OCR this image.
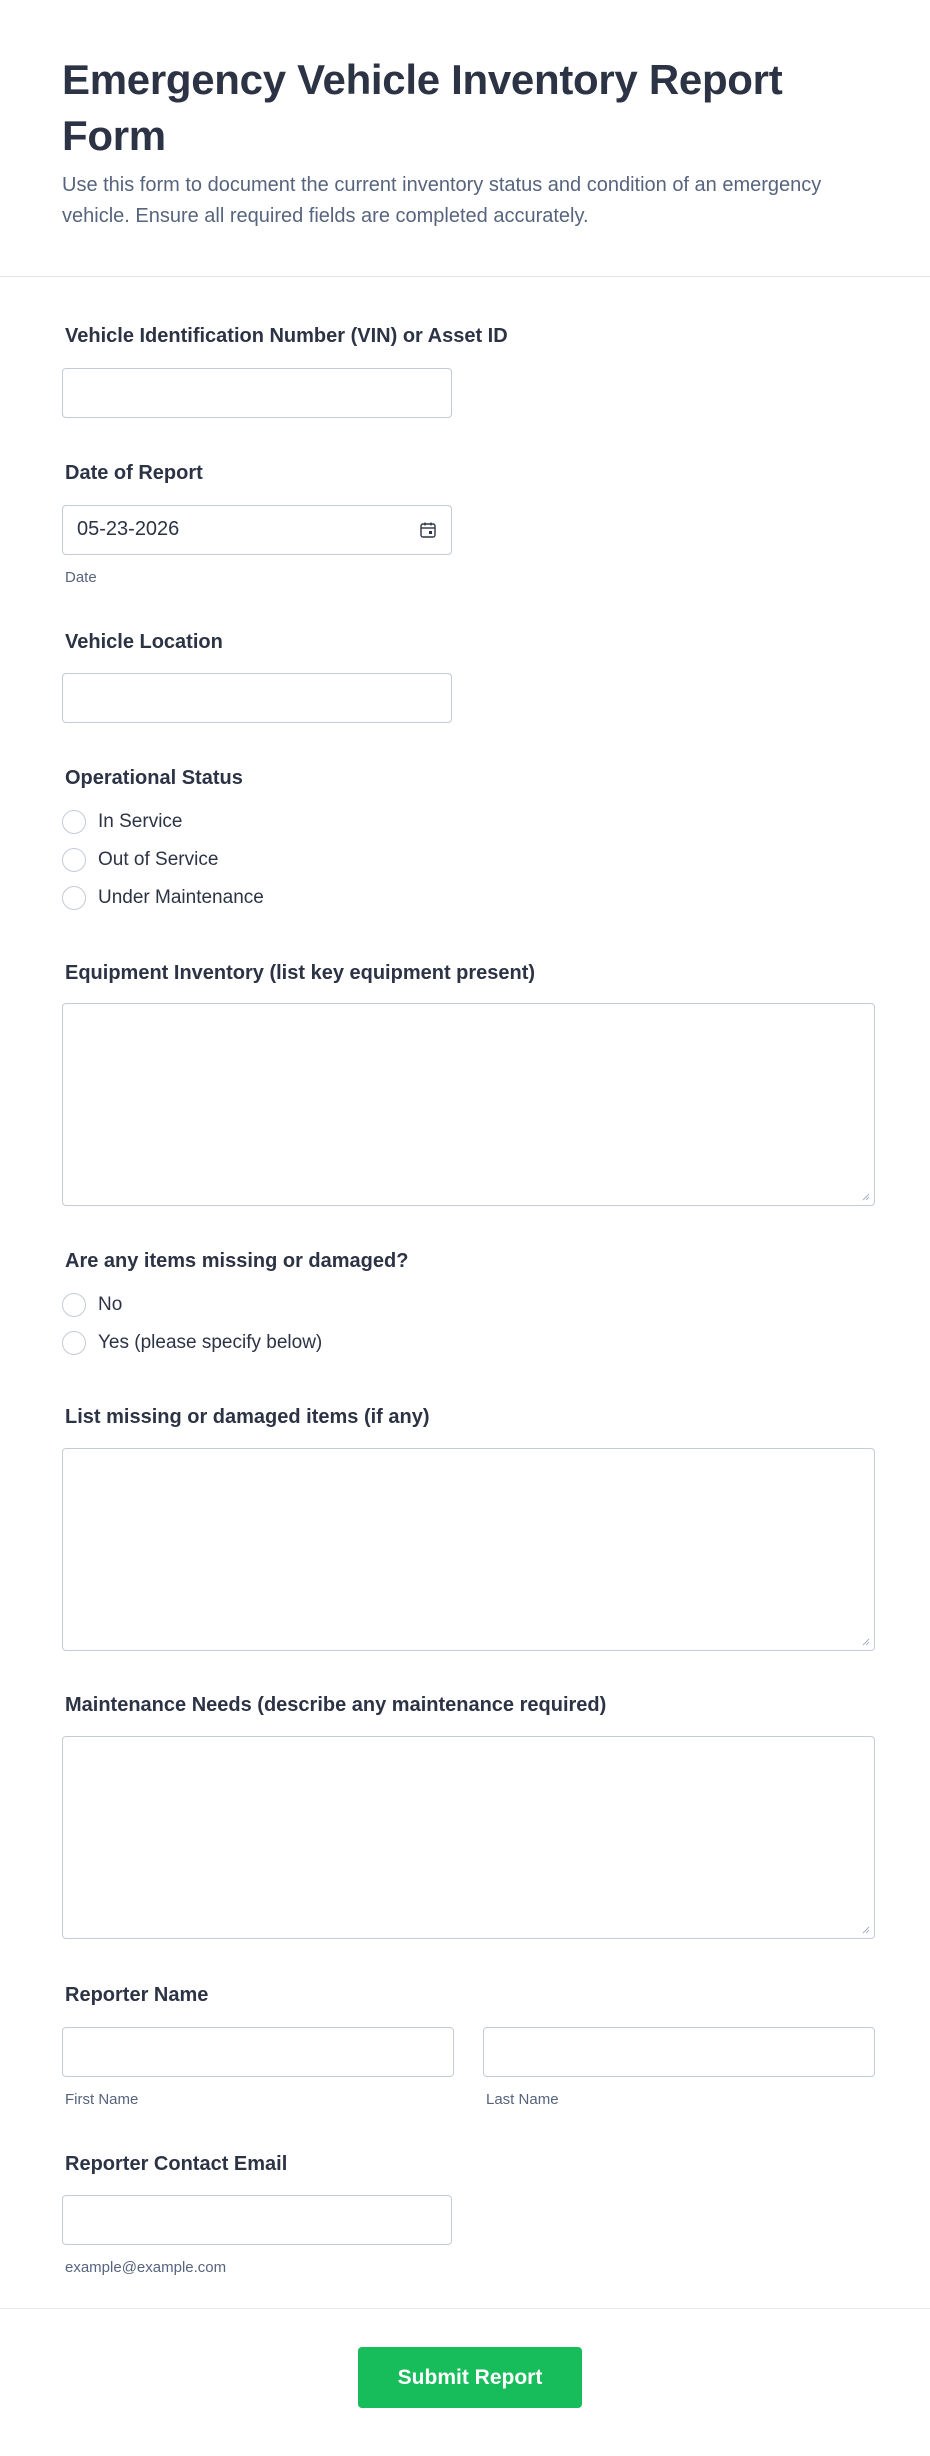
Emergency Vehicle Inventory Report Form

Use this form to document the current inventory status and condition of an emergency vehicle. Ensure all required fields are completed accurately.

Vehicle Identification Number (VIN) or Asset ID
Date of Report
05-23-2026
Date
Vehicle Location
Operational Status
In Service
Out of Service
Under Maintenance
Equipment Inventory (list key equipment present)
Are any items missing or damaged?
No
Yes (please specify below)
List missing or damaged items (if any)
Maintenance Needs (describe any maintenance required)
Reporter Name
First Name	Last Name
Reporter Contact Email
example@example.com
Submit Report
